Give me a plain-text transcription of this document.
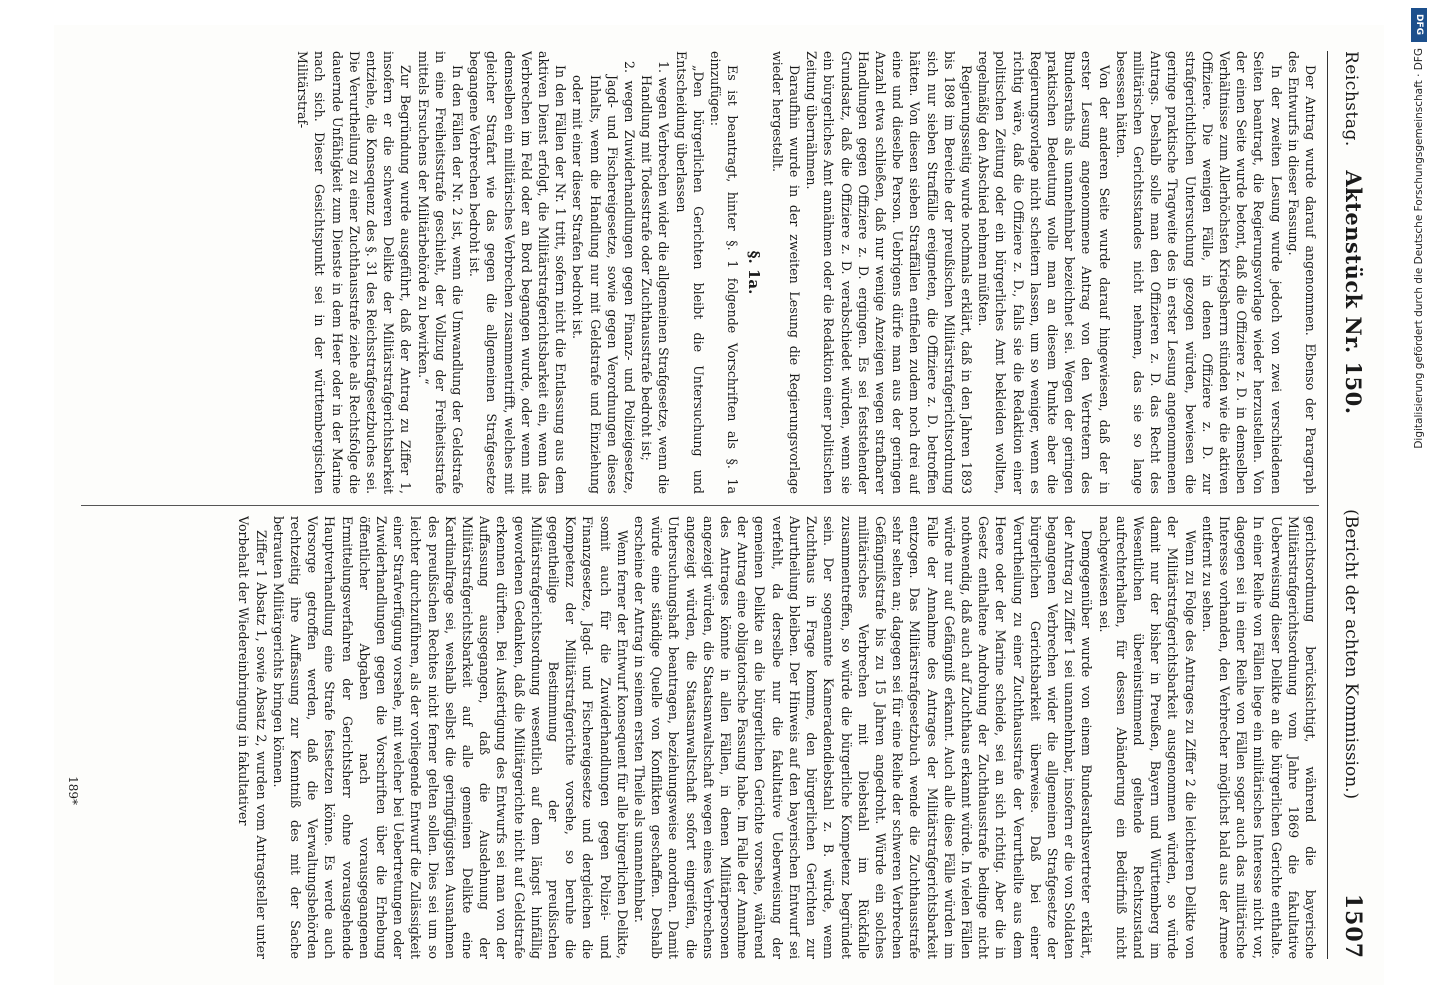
Reichstag.    Aktenstück Nr. 150.
(Bericht der achten Kommission.)
1507

Der Antrag wurde darauf angenommen. Ebenso der Paragraph des Entwurfs in dieser Fassung.

In der zweiten Lesung wurde jedoch von zwei verschiedenen Seiten beantragt, die Regierungsvorlage wieder herzustellen. Von der einen Seite wurde betont, daß die Offiziere z. D. in demselben Verhältnisse zum Allerhöchsten Kriegsherrn stünden wie die aktiven Offiziere. Die wenigen Fälle, in denen Offiziere z. D. zur strafgerichtlichen Untersuchung gezogen würden, bewiesen die geringe praktische Tragweite des in erster Lesung angenommenen Antrags. Deshalb solle man den Offizieren z. D. das Recht des militärischen Gerichtsstandes nicht nehmen, das sie so lange besessen hätten.

Von der anderen Seite wurde darauf hingewiesen, daß der in erster Lesung angenommene Antrag von den Vertretern des Bundesraths als unannehmbar bezeichnet sei. Wegen der geringen praktischen Bedeutung wolle man an diesem Punkte aber die Regierungsvorlage nicht scheitern lassen, um so weniger, wenn es richtig wäre, daß die Offiziere z. D., falls sie die Redaktion einer politischen Zeitung oder ein bürgerliches Amt bekleiden wollten, regelmäßig den Abschied nehmen müßten.

Regierungsseitig wurde nochmals erklärt, daß in den Jahren 1893 bis 1898 im Bereiche der preußischen Militärstrafgerichtsordnung sich nur sieben Straffälle ereigneten, die Offiziere z. D. betroffen hätten. Von diesen sieben Straffällen entfielen zudem noch drei auf eine und dieselbe Person. Uebrigens dürfe man aus der geringen Anzahl etwa schließen, daß nur wenige Anzeigen wegen strafbarer Handlungen gegen Offiziere z. D. ergingen. Es sei feststehender Grundsatz, daß die Offiziere z. D. verabschiedet würden, wenn sie ein bürgerliches Amt annähmen oder die Redaktion einer politischen Zeitung übernähmen.

Daraufhin wurde in der zweiten Lesung die Regierungsvorlage wieder hergestellt.

§. 1a.

Es ist beantragt, hinter §. 1 folgende Vorschriften als §. 1a einzufügen:

„Den bürgerlichen Gerichten bleibt die Untersuchung und Entscheidung überlassen

1. wegen Verbrechen wider die allgemeinen Strafgesetze, wenn die Handlung mit Todesstrafe oder Zuchthausstrafe bedroht ist;

2. wegen Zuwiderhandlungen gegen Finanz- und Polizeigesetze, Jagd- und Fischereigesetze, sowie gegen Verordnungen dieses Inhalts, wenn die Handlung nur mit Geldstrafe und Einziehung oder mit einer dieser Strafen bedroht ist.

In den Fällen der Nr. 1 tritt, sofern nicht die Entlassung aus dem aktiven Dienst erfolgt, die Militärstrafgerichtsbarkeit ein, wenn das Verbrechen im Feld oder an Bord begangen wurde, oder wenn mit demselben ein militärisches Verbrechen zusammentrifft, welches mit gleicher Strafart wie das gegen die allgemeinen Strafgesetze begangene Verbrechen bedroht ist.

In den Fällen der Nr. 2 ist, wenn die Umwandlung der Geldstrafe in eine Freiheitsstrafe geschieht, der Vollzug der Freiheitsstrafe mittels Ersuchens der Militärbehörde zu bewirken.“

Zur Begründung wurde ausgeführt, daß der Antrag zu Ziffer 1, insofern er die schweren Delikte der Militärstrafgerichtsbarkeit entziehe, die Konsequenz des §. 31 des Reichsstrafgesetzbuches sei. Die Verurtheilung zu einer Zuchthausstrafe ziehe als Rechtsfolge die dauernde Unfähigkeit zum Dienste in dem Heer oder in der Marine nach sich. Dieser Gesichtspunkt sei in der württembergischen Militärstraf-

gerichtsordnung berücksichtigt, während die bayerische Militärstrafgerichtsordnung vom Jahre 1869 die fakultative Ueberweisung dieser Delikte an die bürgerlichen Gerichte enthalte. In einer Reihe von Fällen liege ein militärisches Interesse nicht vor, dagegen sei in einer Reihe von Fällen sogar auch das militärische Interesse vorhanden, den Verbrecher möglichst bald aus der Armee entfernt zu sehen.

Wenn zu Folge des Antrages zu Ziffer 2 die leichteren Delikte von der Militärstrafgerichtsbarkeit ausgenommen würden, so würde damit nur der bisher in Preußen, Bayern und Württemberg im Wesentlichen übereinstimmend geltende Rechtszustand aufrechterhalten, für dessen Abänderung ein Bedürfniß nicht nachgewiesen sei.

Demgegenüber wurde von einem Bundesrathsvertreter erklärt, der Antrag zu Ziffer 1 sei unannehmbar, insofern er die von Soldaten begangenen Verbrechen wider die allgemeinen Strafgesetze der bürgerlichen Gerichtsbarkeit überweise. Daß bei einer Verurtheilung zu einer Zuchthausstrafe der Verurtheilte aus dem Heere oder der Marine scheide, sei an sich richtig. Aber die in Gesetz enthaltene Androhung der Zuchthausstrafe bedinge nicht nothwendig, daß auch auf Zuchthaus erkannt würde. In vielen Fällen würde nur auf Gefängniß erkannt. Auch alle diese Fälle würden im Falle der Annahme des Antrages der Militärstrafgerichtsbarkeit entzogen. Das Militärstrafgesetzbuch wende die Zuchthausstrafe sehr selten an; dagegen sei für eine Reihe der schweren Verbrechen Gefängnißstrafe bis zu 15 Jahren angedroht. Würde ein solches militärisches Verbrechen mit Diebstahl im Rückfalle zusammentreffen, so würde die bürgerliche Kompetenz begründet sein. Der sogenannte Kameradendiebstahl z. B. würde, wenn Zuchthaus in Frage komme, den bürgerlichen Gerichten zur Aburtheilung bleiben. Der Hinweis auf den bayerischen Entwurf sei verfehlt, da derselbe nur die fakultative Ueberweisung der gemeinen Delikte an die bürgerlichen Gerichte vorsehe, während der Antrag eine obligatorische Fassung habe. Im Falle der Annahme des Antrages könnte in allen Fällen, in denen Militärpersonen angezeigt würden, die Staatsanwaltschaft wegen eines Verbrechens angezeigt würden, die Staatsanwaltschaft sofort eingreifen, die Untersuchungshaft beantragen, beziehungsweise anordnen. Damit würde eine ständige Quelle von Konflikten geschaffen. Deshalb erscheine der Antrag in seinem ersten Theile als unannehmbar.

Wenn ferner der Entwurf konsequent für alle bürgerlichen Delikte, somit auch für die Zuwiderhandlungen gegen Polizei- und Finanzgesetze, Jagd- und Fischereigesetze und dergleichen die Kompetenz der Militärstrafgerichte vorsehe, so beruhe die gegentheilige Bestimmung der preußischen Militärstrafgerichtsordnung wesentlich auf dem längst hinfällig gewordenen Gedanken, daß die Militärgerichte nicht auf Geldstrafe erkennen dürften. Bei Ausfertigung des Entwurfs sei man von der Auffassung ausgegangen, daß die Ausdehnung der Militärstrafgerichtsbarkeit auf alle gemeinen Delikte eine Kardinalfrage sei, weshalb selbst die geringfügigsten Ausnahmen des preußischen Rechtes nicht ferner gelten sollen. Dies sei um so leichter durchzuführen, als der vorliegende Entwurf die Zulässigkeit einer Strafverfügung vorsehe, mit welcher bei Uebertretungen oder Zuwiderhandlungen gegen die Vorschriften über die Erhebung öffentlicher Abgaben nach vorausgegangenen Ermittelungsverfahren der Gerichtsherr ohne vorausgehende Hauptverhandlung eine Strafe festsetzen könne. Es werde auch Vorsorge getroffen werden, daß die Verwaltungsbehörden rechtzeitig ihre Auffassung zur Kenntniß des mit der Sache betrauten Militärgerichts bringen können.

Ziffer 1 Absatz 1, sowie Absatz 2, wurden vom Antragsteller unter Vorbehalt der Wiedereinbringung in fakultativer

189*
DFG
Digitalisierung gefördert durch die Deutsche Forschungsgemeinschaft · DFG
